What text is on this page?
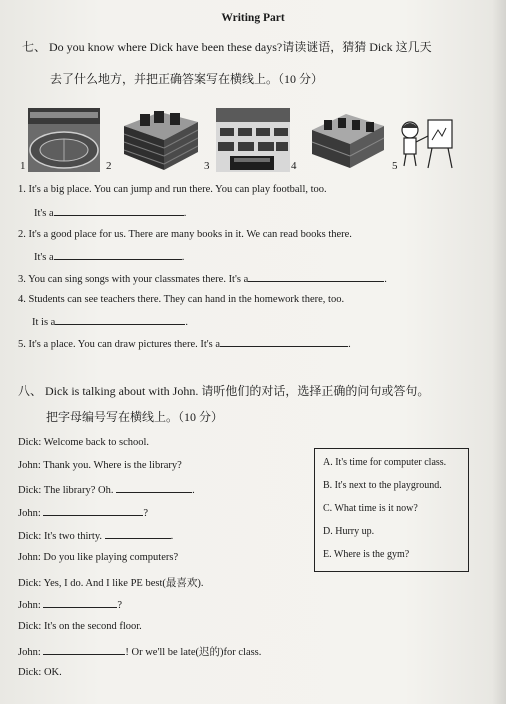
Writing Part
七、 Do you know where Dick have been these days?请读谜语，猜猜 Dick 这几天
去了什么地方，并把正确答案写在横线上。（10 分）
1	2	3	4	5
1. It's a big place. You can jump and run there. You can play football, too.
It's a	.
2. It's a good place for us. There are many books in it. We can read books there.
It's a	.
3. You can sing songs with your classmates there. It's a	.
4. Students can see teachers there. They can hand in the homework there, too.
It is a	.
5. It's a place. You can draw pictures there. It's a	.
八、 Dick is talking about with John. 请听他们的对话，选择正确的问句或答句。
把字母编号写在横线上。（10 分）
Dick: Welcome back to school.
John: Thank you. Where is the library?
Dick: The library? Oh.	.
John:	?
Dick: It's two thirty.	.
John: Do you like playing computers?
Dick: Yes, I do. And I like PE best(最喜欢).
John:	?
Dick: It's on the second floor.
John:	! Or we'll be late(迟的)for class.
Dick: OK.
A. It's time for computer class.
B. It's next to the playground.
C. What time is it now?
D. Hurry up.
E. Where is the gym?
